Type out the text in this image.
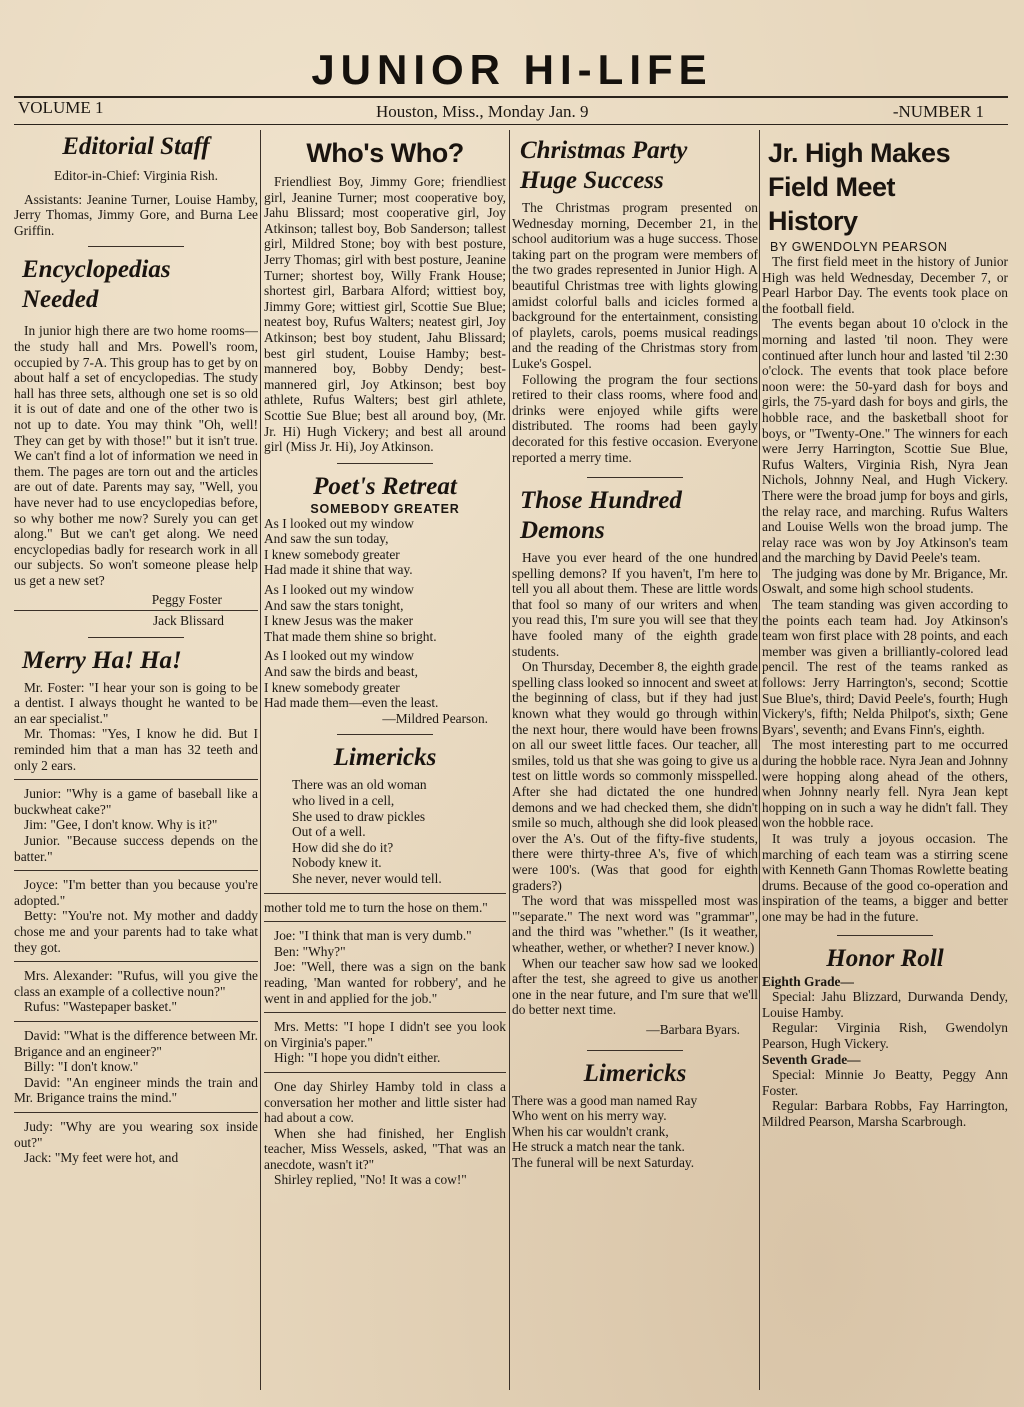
JUNIOR HI-LIFE
VOLUME 1	Houston, Miss., Monday Jan. 9	-NUMBER 1
Editorial Staff

Editor-in-Chief: Virginia Rish.

Assistants: Jeanine Turner, Louise Hamby, Jerry Thomas, Jimmy Gore, and Burna Lee Griffin.

Encyclopedias
Needed

In junior high there are two home rooms—the study hall and Mrs. Powell's room, occupied by 7-A. This group has to get by on about half a set of encyclopedias. The study hall has three sets, although one set is so old it is out of date and one of the other two is not up to date. You may think "Oh, well! They can get by with those!" but it isn't true. We can't find a lot of information we need in them. The pages are torn out and the articles are out of date. Parents may say, "Well, you have never had to use encyclopedias before, so why bother me now? Surely you can get along." But we can't get along. We need encyclopedias badly for research work in all our subjects. So won't someone please help us get a new set?

Peggy Foster
Jack Blissard
Merry Ha! Ha!

Mr. Foster: "I hear your son is going to be a dentist. I always thought he wanted to be an ear specialist."

Mr. Thomas: "Yes, I know he did. But I reminded him that a man has 32 teeth and only 2 ears.

Junior: "Why is a game of baseball like a buckwheat cake?"

Jim: "Gee, I don't know. Why is it?"

Junior. "Because success depends on the batter."

Joyce: "I'm better than you because you're adopted."

Betty: "You're not. My mother and daddy chose me and your parents had to take what they got.

Mrs. Alexander: "Rufus, will you give the class an example of a collective noun?"

Rufus: "Wastepaper basket."

David: "What is the difference between Mr. Brigance and an engineer?"

Billy: "I don't know."

David: "An engineer minds the train and Mr. Brigance trains the mind."

Judy: "Why are you wearing sox inside out?"

Jack: "My feet were hot, and

Who's Who?

Friendliest Boy, Jimmy Gore; friendliest girl, Jeanine Turner; most cooperative boy, Jahu Blissard; most cooperative girl, Joy Atkinson; tallest boy, Bob Sanderson; tallest girl, Mildred Stone; boy with best posture, Jerry Thomas; girl with best posture, Jeanine Turner; shortest boy, Willy Frank House; shortest girl, Barbara Alford; wittiest boy, Jimmy Gore; wittiest girl, Scottie Sue Blue; neatest boy, Rufus Walters; neatest girl, Joy Atkinson; best boy student, Jahu Blissard; best girl student, Louise Hamby; best-mannered boy, Bobby Dendy; best-mannered girl, Joy Atkinson; best boy athlete, Rufus Walters; best girl athlete, Scottie Sue Blue; best all around boy, (Mr. Jr. Hi) Hugh Vickery; and best all around girl (Miss Jr. Hi), Joy Atkinson.

Poet's Retreat
SOMEBODY GREATER
As I looked out my window
And saw the sun today,
I knew somebody greater
Had made it shine that way.
As I looked out my window
And saw the stars tonight,
I knew Jesus was the maker
That made them shine so bright.
As I looked out my window
And saw the birds and beast,
I knew somebody greater
Had made them—even the least.
—Mildred Pearson.
Limericks
There was an old woman
who lived in a cell,
She used to draw pickles
Out of a well.
How did she do it?
Nobody knew it.
She never, never would tell.

mother told me to turn the hose on them."

Joe: "I think that man is very dumb."

Ben: "Why?"

Joe: "Well, there was a sign on the bank reading, 'Man wanted for robbery', and he went in and applied for the job."

Mrs. Metts: "I hope I didn't see you look on Virginia's paper."

High: "I hope you didn't either.

One day Shirley Hamby told in class a conversation her mother and little sister had had about a cow.

When she had finished, her English teacher, Miss Wessels, asked, "That was an anecdote, wasn't it?"

Shirley replied, "No! It was a cow!"

Christmas Party
Huge Success

The Christmas program presented on Wednesday morning, December 21, in the school auditorium was a huge success. Those taking part on the program were members of the two grades represented in Junior High. A beautiful Christmas tree with lights glowing amidst colorful balls and icicles formed a background for the entertainment, consisting of playlets, carols, poems musical readings and the reading of the Christmas story from Luke's Gospel.

Following the program the four sections retired to their class rooms, where food and drinks were enjoyed while gifts were distributed. The rooms had been gayly decorated for this festive occasion. Everyone reported a merry time.

Those Hundred
Demons

Have you ever heard of the one hundred spelling demons? If you haven't, I'm here to tell you all about them. These are little words that fool so many of our writers and when you read this, I'm sure you will see that they have fooled many of the eighth grade students.

On Thursday, December 8, the eighth grade spelling class looked so innocent and sweet at the beginning of class, but if they had just known what they would go through within the next hour, there would have been frowns on all our sweet little faces. Our teacher, all smiles, told us that she was going to give us a test on little words so commonly misspelled. After she had dictated the one hundred demons and we had checked them, she didn't smile so much, although she did look pleased over the A's. Out of the fifty-five students, there were thirty-three A's, five of which were 100's. (Was that good for eighth graders?)

The word that was misspelled most was "'separate." The next word was "grammar", and the third was "whether." (Is it weather, wheather, wether, or whether? I never know.)

When our teacher saw how sad we looked after the test, she agreed to give us another one in the near future, and I'm sure that we'll do better next time.

—Barbara Byars.
Limericks
There was a good man named Ray
Who went on his merry way.
When his car wouldn't crank,
He struck a match near the tank.
The funeral will be next Saturday.
Jr. High Makes
Field Meet
History
BY GWENDOLYN PEARSON

The first field meet in the history of Junior High was held Wednesday, December 7, or Pearl Harbor Day. The events took place on the football field.

The events began about 10 o'clock in the morning and lasted 'til noon. They were continued after lunch hour and lasted 'til 2:30 o'clock. The events that took place before noon were: the 50-yard dash for boys and girls, the 75-yard dash for boys and girls, the hobble race, and the basketball shoot for boys, or "Twenty-One." The winners for each were Jerry Harrington, Scottie Sue Blue, Rufus Walters, Virginia Rish, Nyra Jean Nichols, Johnny Neal, and Hugh Vickery. There were the broad jump for boys and girls, the relay race, and marching. Rufus Walters and Louise Wells won the broad jump. The relay race was won by Joy Atkinson's team and the marching by David Peele's team.

The judging was done by Mr. Brigance, Mr. Oswalt, and some high school students.

The team standing was given according to the points each team had. Joy Atkinson's team won first place with 28 points, and each member was given a brilliantly-colored lead pencil. The rest of the teams ranked as follows: Jerry Harrington's, second; Scottie Sue Blue's, third; David Peele's, fourth; Hugh Vickery's, fifth; Nelda Philpot's, sixth; Gene Byars', seventh; and Evans Finn's, eighth.

The most interesting part to me occurred during the hobble race. Nyra Jean and Johnny were hopping along ahead of the others, when Johnny nearly fell. Nyra Jean kept hopping on in such a way he didn't fall. They won the hobble race.

It was truly a joyous occasion. The marching of each team was a stirring scene with Kenneth Gann Thomas Rowlette beating drums. Because of the good co-operation and inspiration of the teams, a bigger and better one may be had in the future.

Honor Roll
Eighth Grade—

Special: Jahu Blizzard, Durwanda Dendy, Louise Hamby.

Regular: Virginia Rish, Gwendolyn Pearson, Hugh Vickery.

Seventh Grade—

Special: Minnie Jo Beatty, Peggy Ann Foster.

Regular: Barbara Robbs, Fay Harrington, Mildred Pearson, Marsha Scarbrough.
